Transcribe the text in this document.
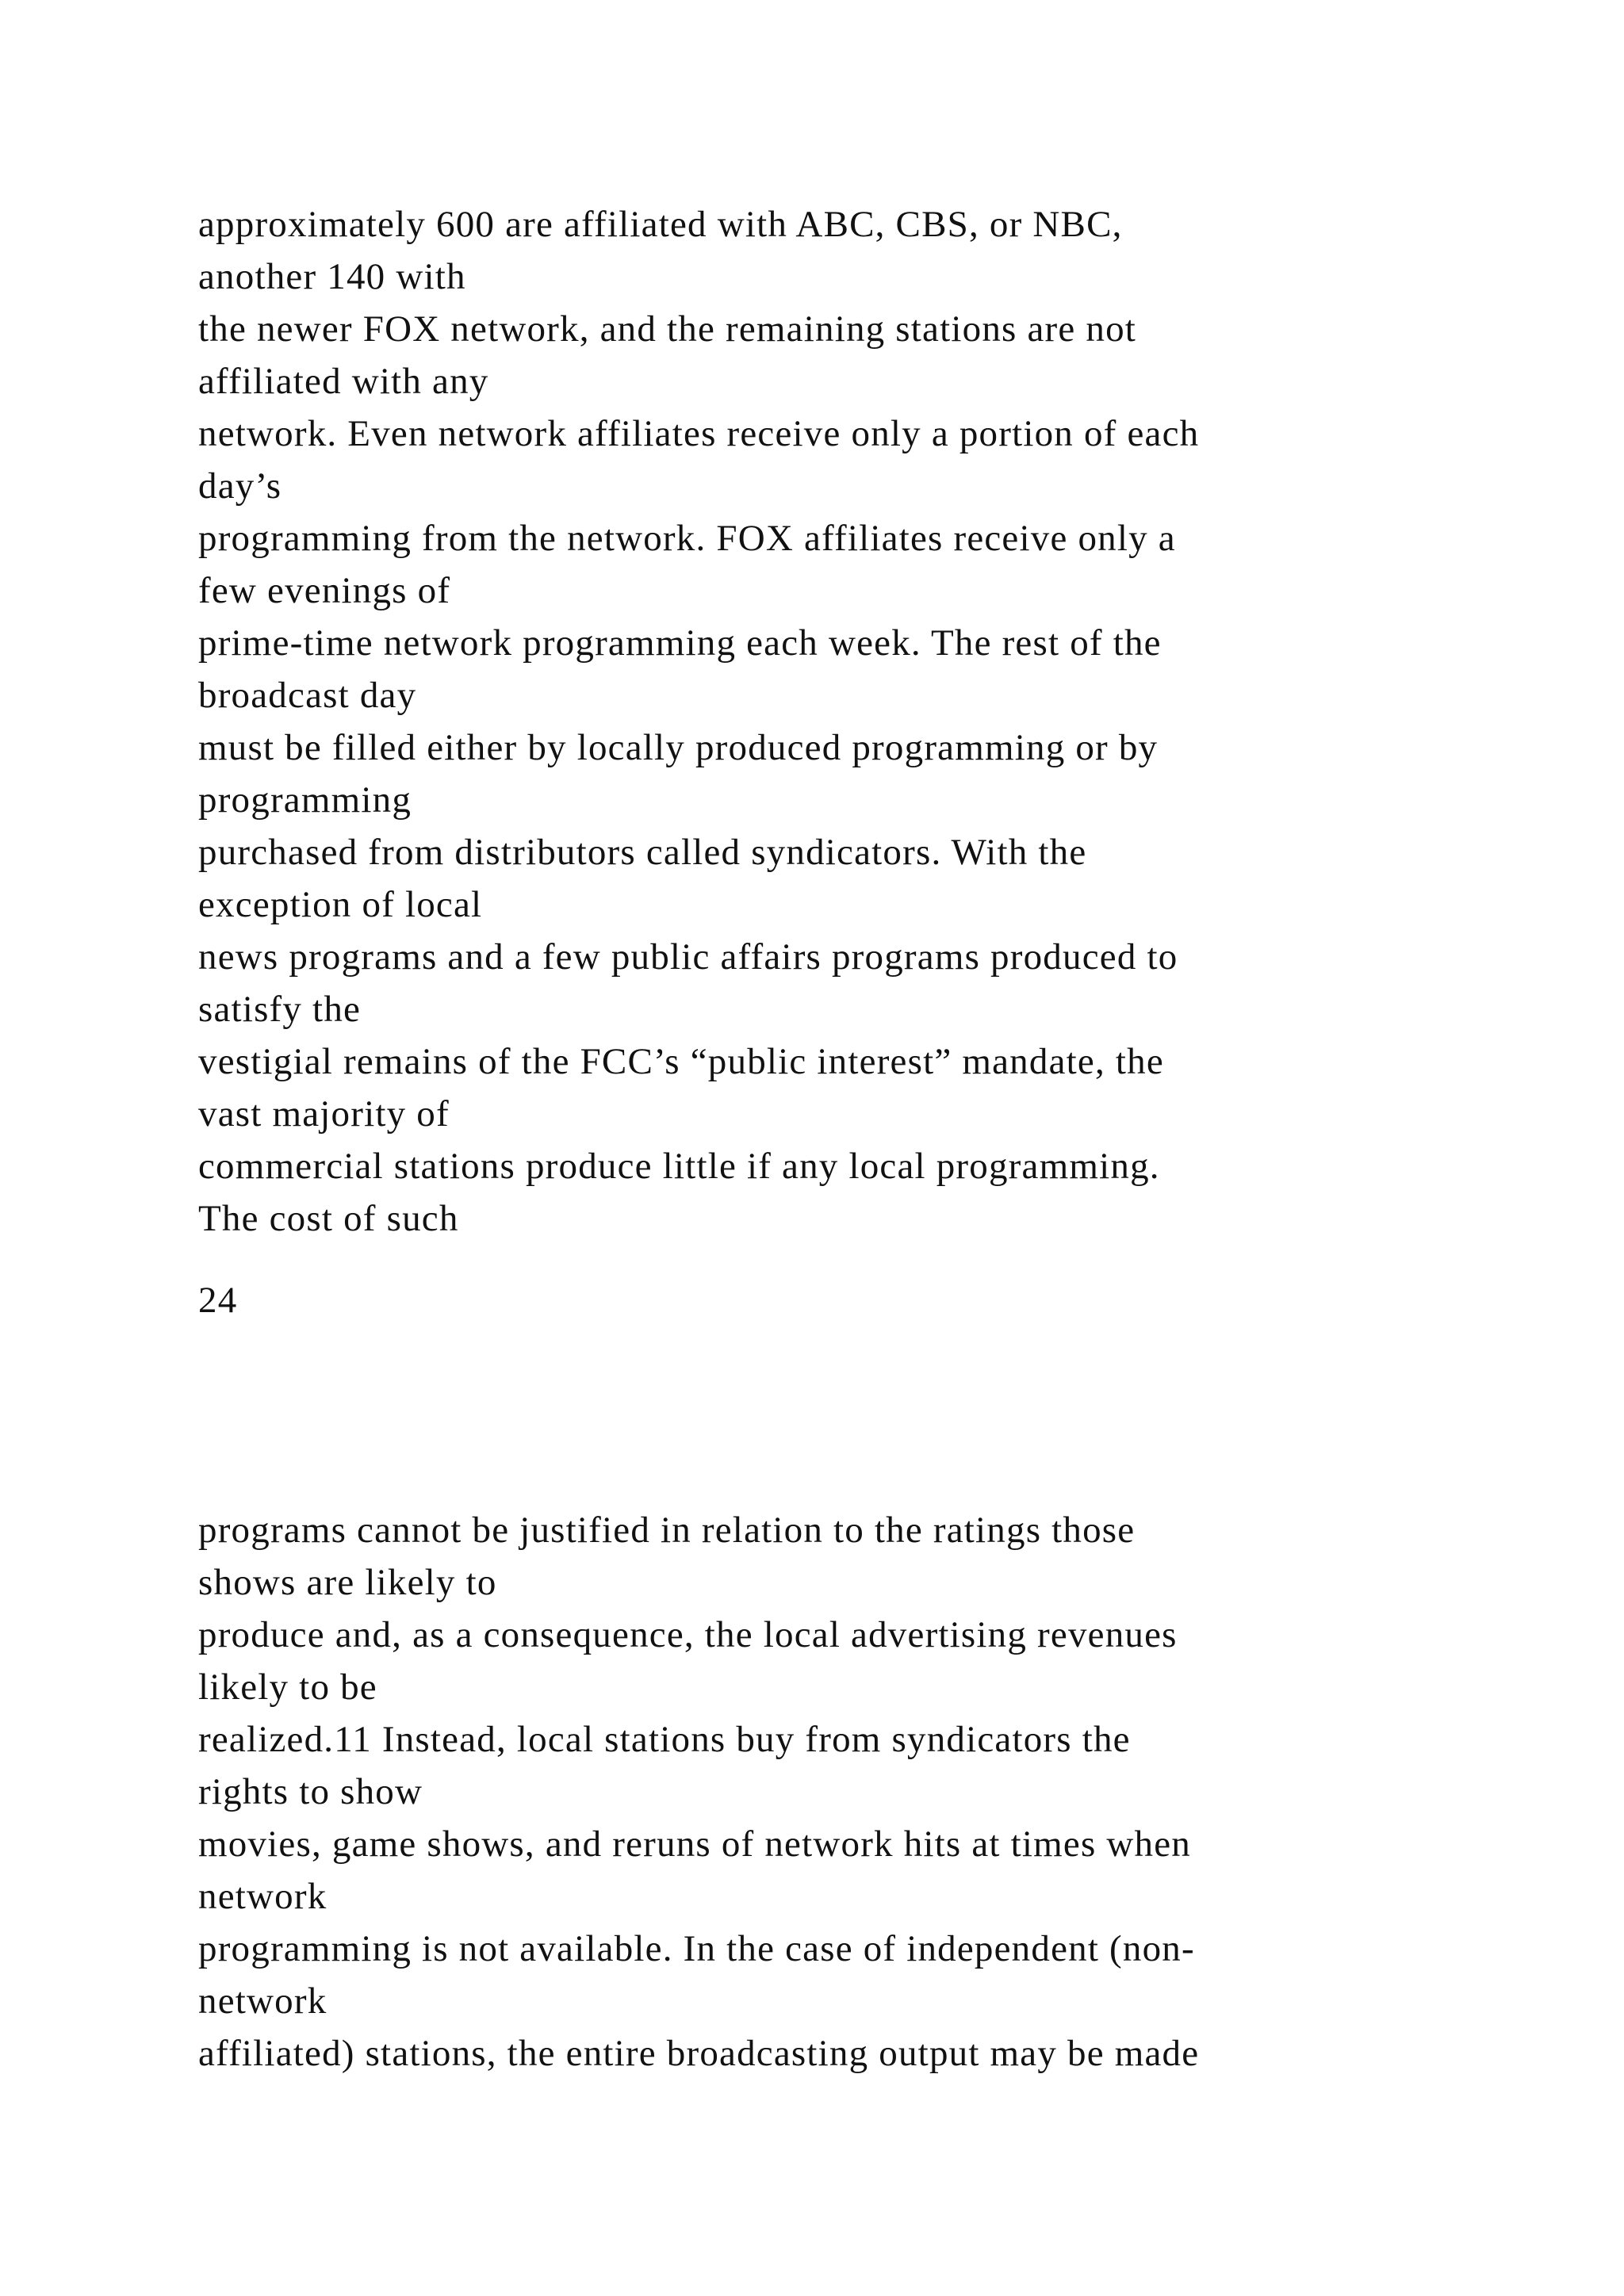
approximately 600 are affiliated with ABC, CBS, or NBC,
another 140 with
the newer FOX network, and the remaining stations are not
affiliated with any
network. Even network affiliates receive only a portion of each
day’s
programming from the network. FOX affiliates receive only a
few evenings of
prime-time network programming each week. The rest of the
broadcast day
must be filled either by locally produced programming or by
programming
purchased from distributors called syndicators. With the
exception of local
news programs and a few public affairs programs produced to
satisfy the
vestigial remains of the FCC’s “public interest” mandate, the
vast majority of
commercial stations produce little if any local programming.
The cost of such
24
programs cannot be justified in relation to the ratings those
shows are likely to
produce and, as a consequence, the local advertising revenues
likely to be
realized.11 Instead, local stations buy from syndicators the
rights to show
movies, game shows, and reruns of network hits at times when
network
programming is not available. In the case of independent (non-
network
affiliated) stations, the entire broadcasting output may be made
